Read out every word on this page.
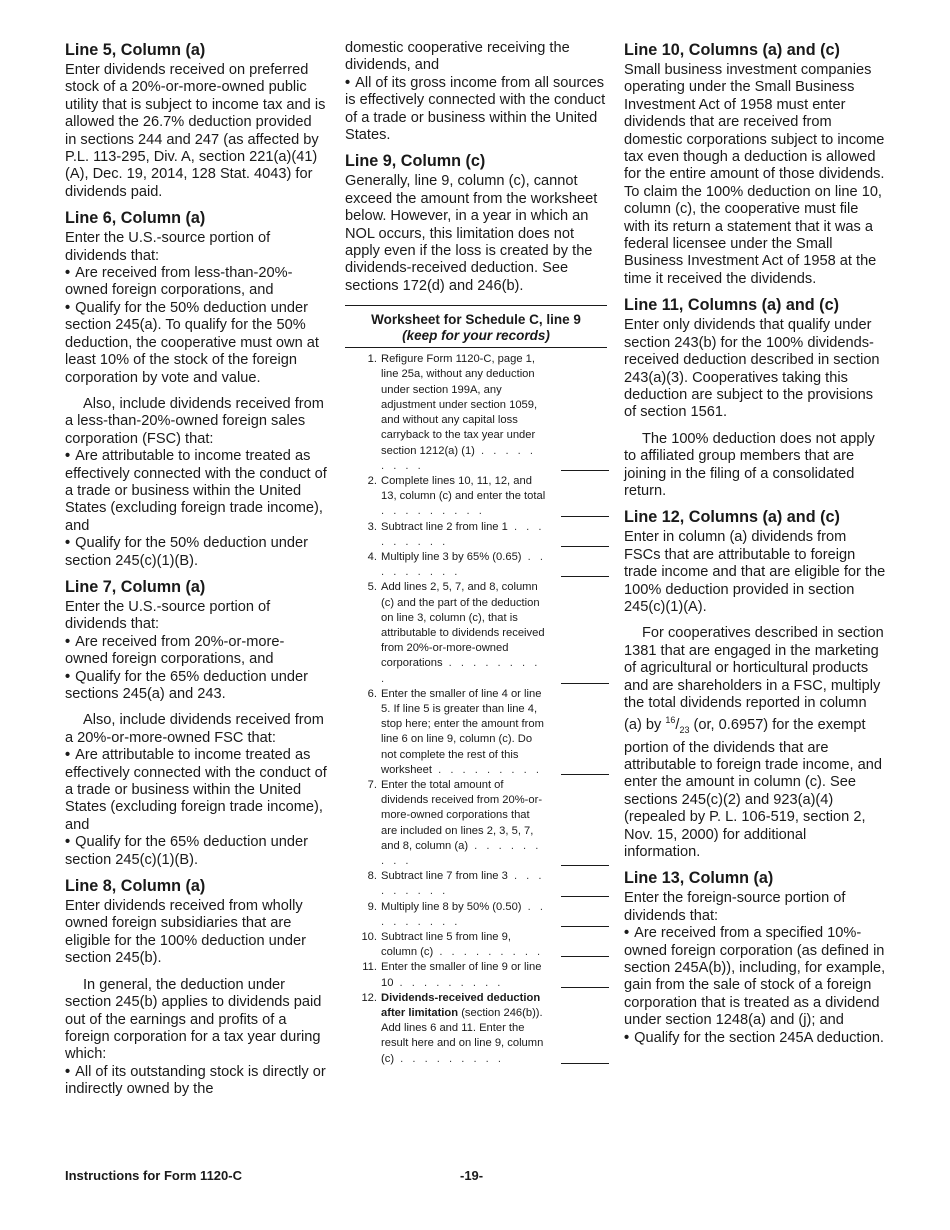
Line 5, Column (a)

Enter dividends received on preferred stock of a 20%-or-more-owned public utility that is subject to income tax and is allowed the 26.7% deduction provided in sections 244 and 247 (as affected by P.L. 113-295, Div. A, section 221(a)(41)(A), Dec. 19, 2014, 128 Stat. 4043) for dividends paid.

Line 6, Column (a)

Enter the U.S.-source portion of dividends that:

• Are received from less-than-20%-owned foreign corporations, and

• Qualify for the 50% deduction under section 245(a). To qualify for the 50% deduction, the cooperative must own at least 10% of the stock of the foreign corporation by vote and value.

Also, include dividends received from a less-than-20%-owned foreign sales corporation (FSC) that:

• Are attributable to income treated as effectively connected with the conduct of a trade or business within the United States (excluding foreign trade income), and

• Qualify for the 50% deduction under section 245(c)(1)(B).

Line 7, Column (a)

Enter the U.S.-source portion of dividends that:

• Are received from 20%-or-more-owned foreign corporations, and

• Qualify for the 65% deduction under sections 245(a) and 243.

Also, include dividends received from a 20%-or-more-owned FSC that:

• Are attributable to income treated as effectively connected with the conduct of a trade or business within the United States (excluding foreign trade income), and

• Qualify for the 65% deduction under section 245(c)(1)(B).

Line 8, Column (a)

Enter dividends received from wholly owned foreign subsidiaries that are eligible for the 100% deduction under section 245(b).

In general, the deduction under section 245(b) applies to dividends paid out of the earnings and profits of a foreign corporation for a tax year during which:

• All of its outstanding stock is directly or indirectly owned by the

domestic cooperative receiving the dividends, and

• All of its gross income from all sources is effectively connected with the conduct of a trade or business within the United States.

Line 9, Column (c)

Generally, line 9, column (c), cannot exceed the amount from the worksheet below. However, in a year in which an NOL occurs, this limitation does not apply even if the loss is created by the dividends-received deduction. See sections 172(d) and 246(b).

Worksheet for Schedule C, line 9
(keep for your records)
1. Refigure Form 1120-C, page 1, line 25a, without any deduction under section 199A, any adjustment under section 1059, and without any capital loss carryback to the tax year under section 1212(a) (1) . . . . . . . . .
2. Complete lines 10, 11, 12, and 13, column (c) and enter the total . . . . . . . . .
3. Subtract line 2 from line 1 . . . . . . . . .
4. Multiply line 3 by 65% (0.65) . . . . . . . . .
5. Add lines 2, 5, 7, and 8, column (c) and the part of the deduction on line 3, column (c), that is attributable to dividends received from 20%-or-more-owned corporations . . . . . . . . .
6. Enter the smaller of line 4 or line 5. If line 5 is greater than line 4, stop here; enter the amount from line 6 on line 9, column (c). Do not complete the rest of this worksheet . . . . . . . . .
7. Enter the total amount of dividends received from 20%-or-more-owned corporations that are included on lines 2, 3, 5, 7, and 8, column (a) . . . . . . . . .
8. Subtract line 7 from line 3 . . . . . . . . .
9. Multiply line 8 by 50% (0.50) . . . . . . . . .
10. Subtract line 5 from line 9, column (c) . . . . . . . . .
11. Enter the smaller of line 9 or line 10 . . . . . . . . .
12. Dividends-received deduction after limitation (section 246(b)). Add lines 6 and 11. Enter the result here and on line 9, column (c) . . . . . . . . .
Line 10, Columns (a) and (c)

Small business investment companies operating under the Small Business Investment Act of 1958 must enter dividends that are received from domestic corporations subject to income tax even though a deduction is allowed for the entire amount of those dividends. To claim the 100% deduction on line 10, column (c), the cooperative must file with its return a statement that it was a federal licensee under the Small Business Investment Act of 1958 at the time it received the dividends.

Line 11, Columns (a) and (c)

Enter only dividends that qualify under section 243(b) for the 100% dividends-received deduction described in section 243(a)(3). Cooperatives taking this deduction are subject to the provisions of section 1561.

The 100% deduction does not apply to affiliated group members that are joining in the filing of a consolidated return.

Line 12, Columns (a) and (c)

Enter in column (a) dividends from FSCs that are attributable to foreign trade income and that are eligible for the 100% deduction provided in section 245(c)(1)(A).

For cooperatives described in section 1381 that are engaged in the marketing of agricultural or horticultural products and are shareholders in a FSC, multiply the total dividends reported in column (a) by $^{16}/_{23}$ (or, 0.6957) for the exempt portion of the dividends that are attributable to foreign trade income, and enter the amount in column (c). See sections 245(c)(2) and 923(a)(4) (repealed by P. L. 106-519, section 2, Nov. 15, 2000) for additional information.

Line 13, Column (a)

Enter the foreign-source portion of dividends that:

• Are received from a specified 10%-owned foreign corporation (as defined in section 245A(b)), including, for example, gain from the sale of stock of a foreign corporation that is treated as a dividend under section 1248(a) and (j); and

• Qualify for the section 245A deduction.

Instructions for Form 1120-C	-19-
